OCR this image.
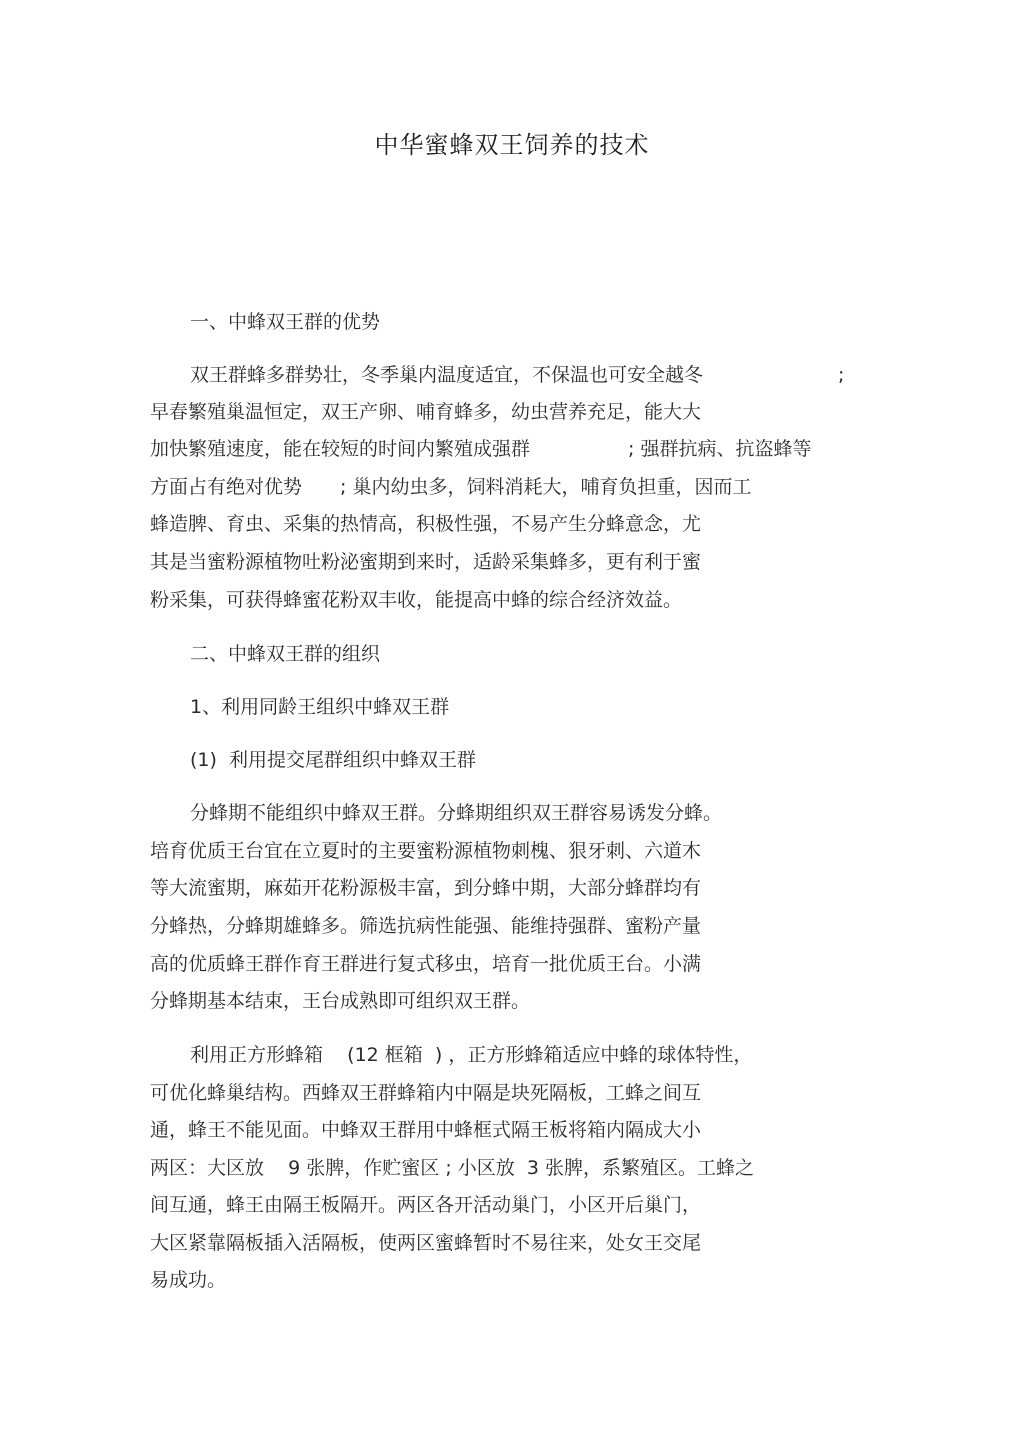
中华蜜蜂双王饲养的技术

一、中蜂双王群的优势

双王群蜂多群势壮，冬季巢内温度适宜，不保温也可安全越冬	;

早春繁殖巢温恒定，双王产卵、哺育蜂多，幼虫营养充足，能大大

加快繁殖速度，能在较短的时间内繁殖成强群	; 强群抗病、抗盗蜂等

方面占有绝对优势 ; 巢内幼虫多，饲料消耗大，哺育负担重，因而工

蜂造脾、育虫、采集的热情高，积极性强，不易产生分蜂意念，尤

其是当蜜粉源植物吐粉泌蜜期到来时，适龄采集蜂多，更有利于蜜

粉采集，可获得蜂蜜花粉双丰收，能提高中蜂的综合经济效益。

二、中蜂双王群的组织

1、利用同龄王组织中蜂双王群

(1)  利用提交尾群组织中蜂双王群

分蜂期不能组织中蜂双王群。分蜂期组织双王群容易诱发分蜂。

培育优质王台宜在立夏时的主要蜜粉源植物刺槐、狠牙刺、六道木

等大流蜜期，麻茹开花粉源极丰富，到分蜂中期，大部分蜂群均有

分蜂热，分蜂期雄蜂多。筛选抗病性能强、能维持强群、蜜粉产量

高的优质蜂王群作育王群进行复式移虫，培育一批优质王台。小满

分蜂期基本结束，王台成熟即可组织双王群。

利用正方形蜂箱    (12 框箱  ) ，正方形蜂箱适应中蜂的球体特性，

可优化蜂巢结构。西蜂双王群蜂箱内中隔是块死隔板，工蜂之间互

通，蜂王不能见面。中蜂双王群用中蜂框式隔王板将箱内隔成大小

两区：大区放    9 张脾，作贮蜜区 ; 小区放  3 张脾，系繁殖区。工蜂之

间互通，蜂王由隔王板隔开。两区各开活动巢门，小区开后巢门，

大区紧靠隔板插入活隔板，使两区蜜蜂暂时不易往来，处女王交尾

易成功。
